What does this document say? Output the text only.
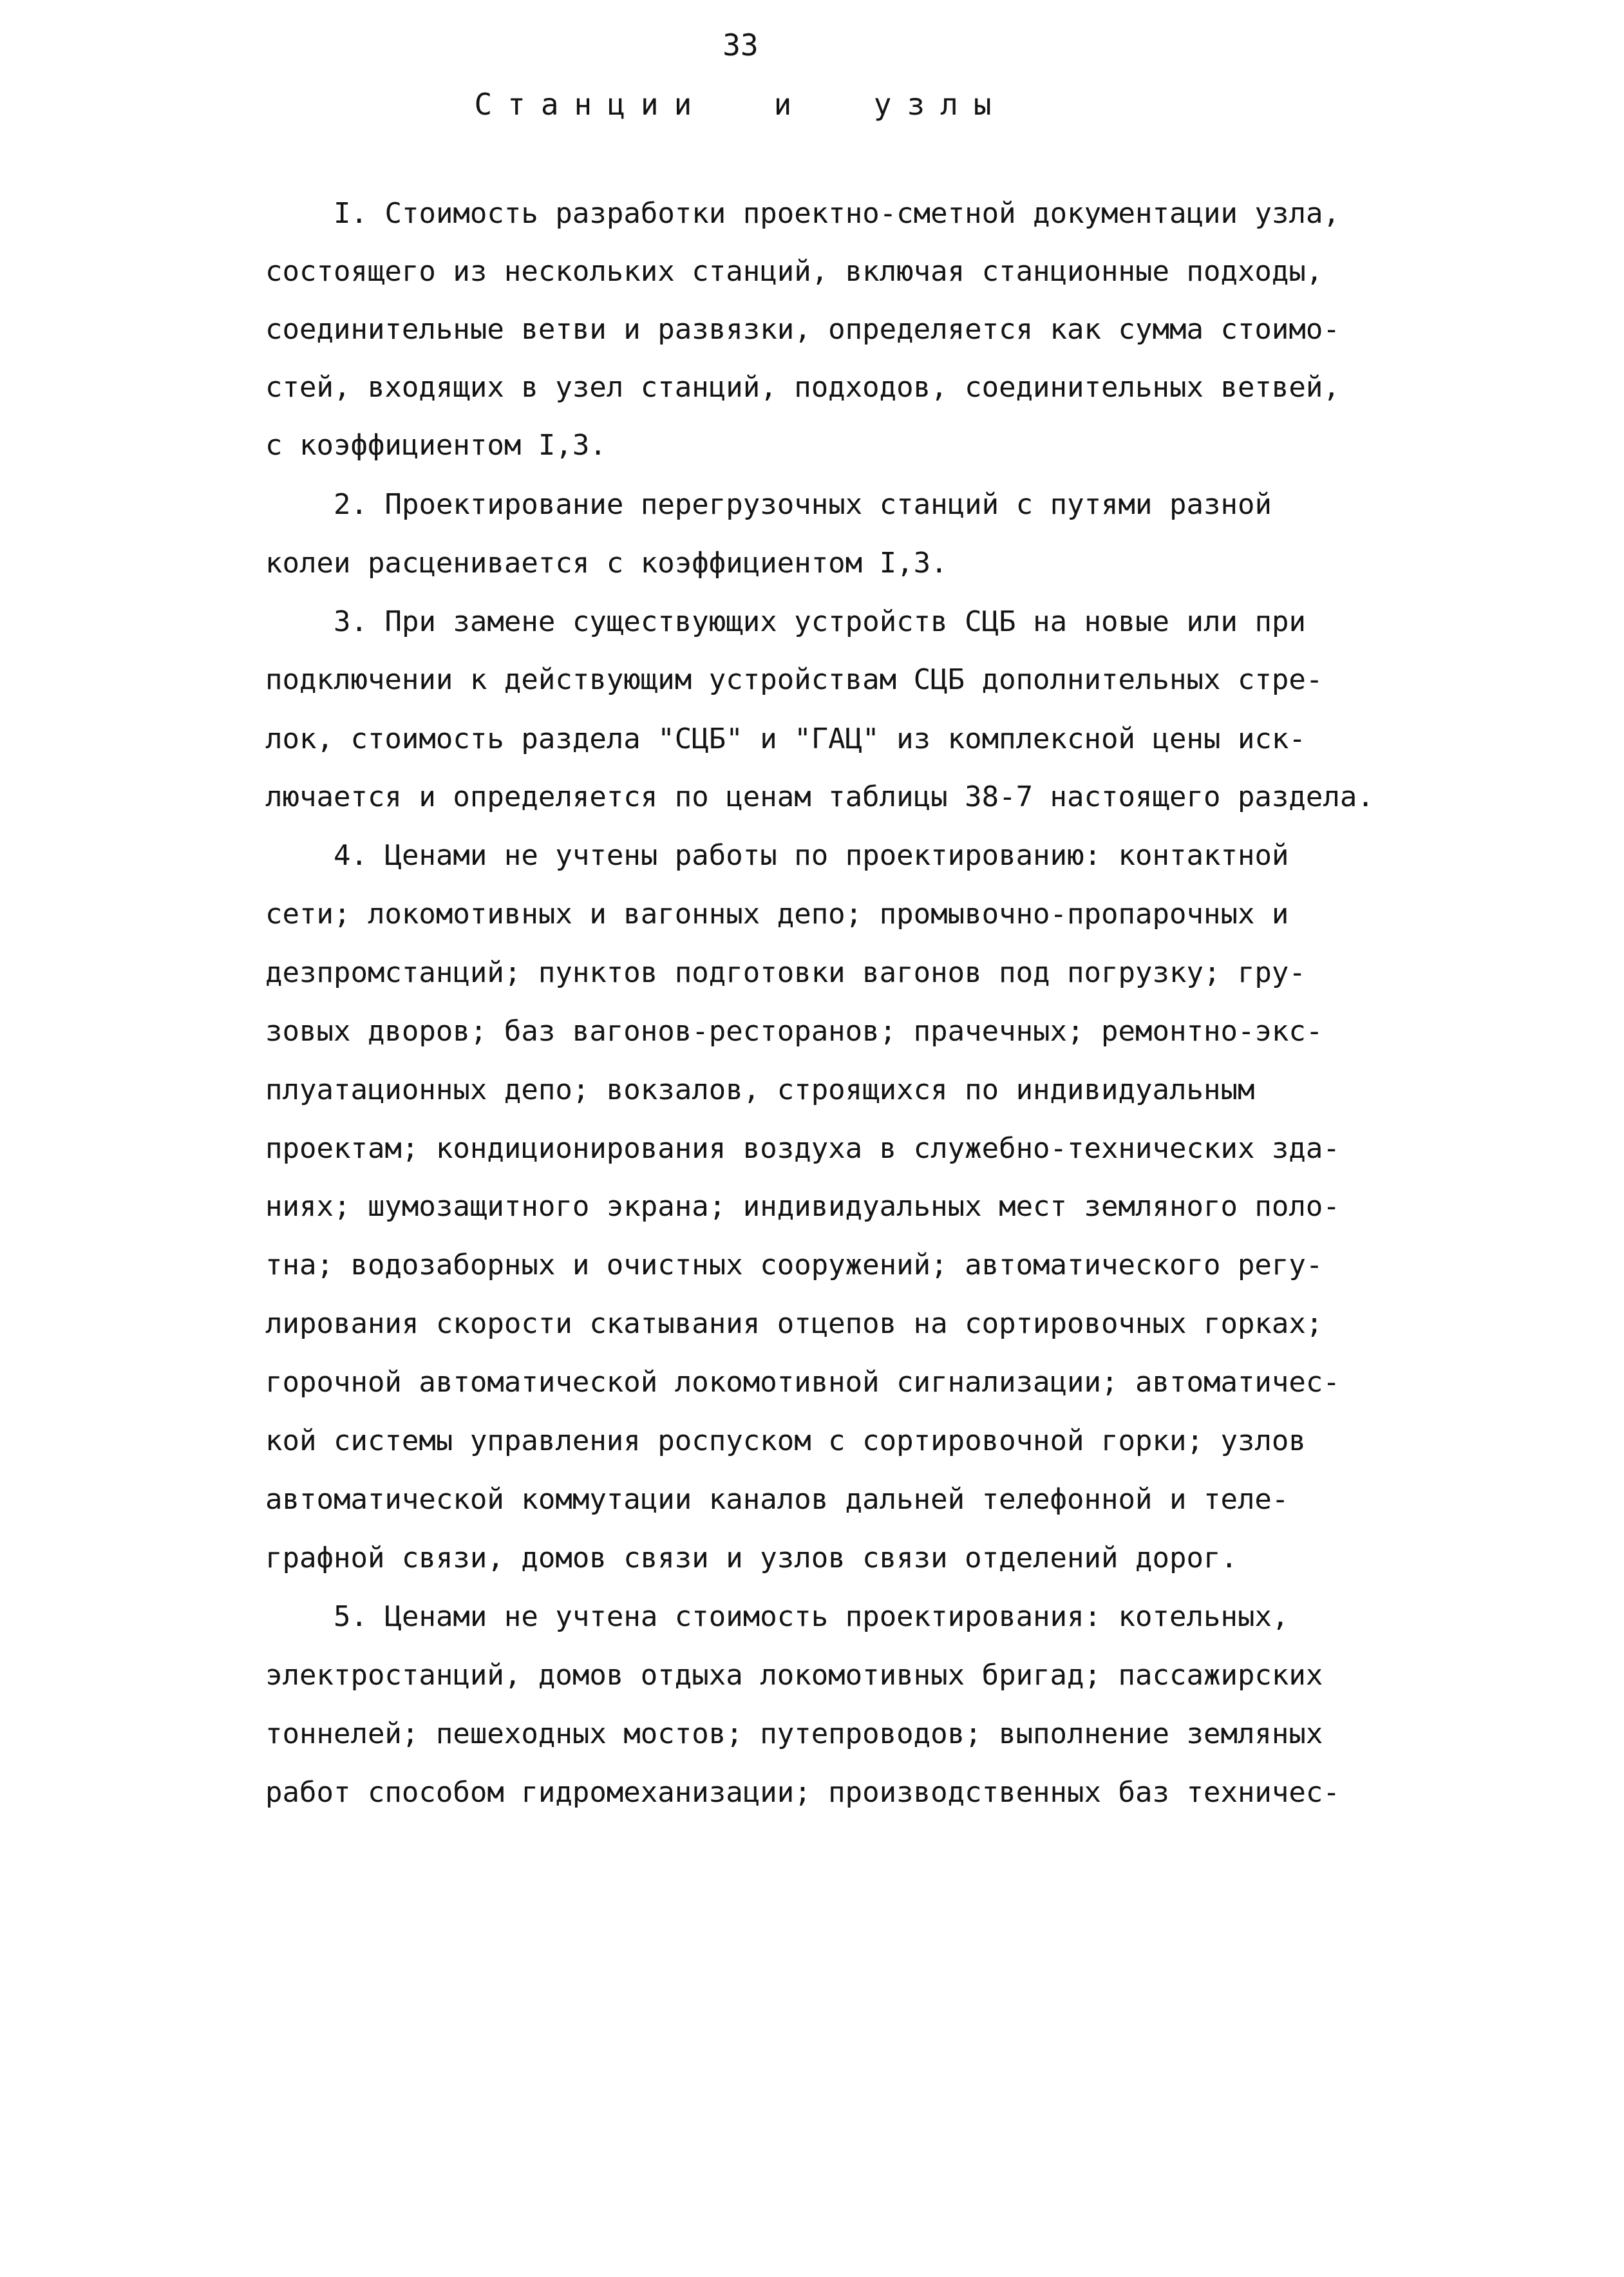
33
Станции  и  узлы
I. Стоимость разработки проектно-сметной документации узла,
состоящего из нескольких станций, включая станционные подходы,
соединительные ветви и развязки, определяется как сумма стоимо-
стей, входящих в узел станций, подходов, соединительных ветвей,
с коэффициентом I,3.
2. Проектирование перегрузочных станций с путями разной
колеи расценивается с коэффициентом I,3.
3. При замене существующих устройств СЦБ на новые или при
подключении к действующим устройствам СЦБ дополнительных стре-
лок, стоимость раздела "СЦБ" и "ГАЦ" из комплексной цены иск-
лючается и определяется по ценам таблицы 38-7 настоящего раздела.
4. Ценами не учтены работы по проектированию: контактной
сети; локомотивных и вагонных депо; промывочно-пропарочных и
дезпромстанций; пунктов подготовки вагонов под погрузку; гру-
зовых дворов; баз вагонов-ресторанов; прачечных; ремонтно-экс-
плуатационных депо; вокзалов, строящихся по индивидуальным
проектам; кондиционирования воздуха в служебно-технических зда-
ниях; шумозащитного экрана; индивидуальных мест земляного поло-
тна; водозаборных и очистных сооружений; автоматического регу-
лирования скорости скатывания отцепов на сортировочных горках;
горочной автоматической локомотивной сигнализации; автоматичес-
кой системы управления роспуском с сортировочной горки; узлов
автоматической коммутации каналов дальней телефонной и теле-
графной связи, домов связи и узлов связи отделений дорог.
5. Ценами не учтена стоимость проектирования: котельных,
электростанций, домов отдыха локомотивных бригад; пассажирских
тоннелей; пешеходных мостов; путепроводов; выполнение земляных
работ способом гидромеханизации; производственных баз техничес-
